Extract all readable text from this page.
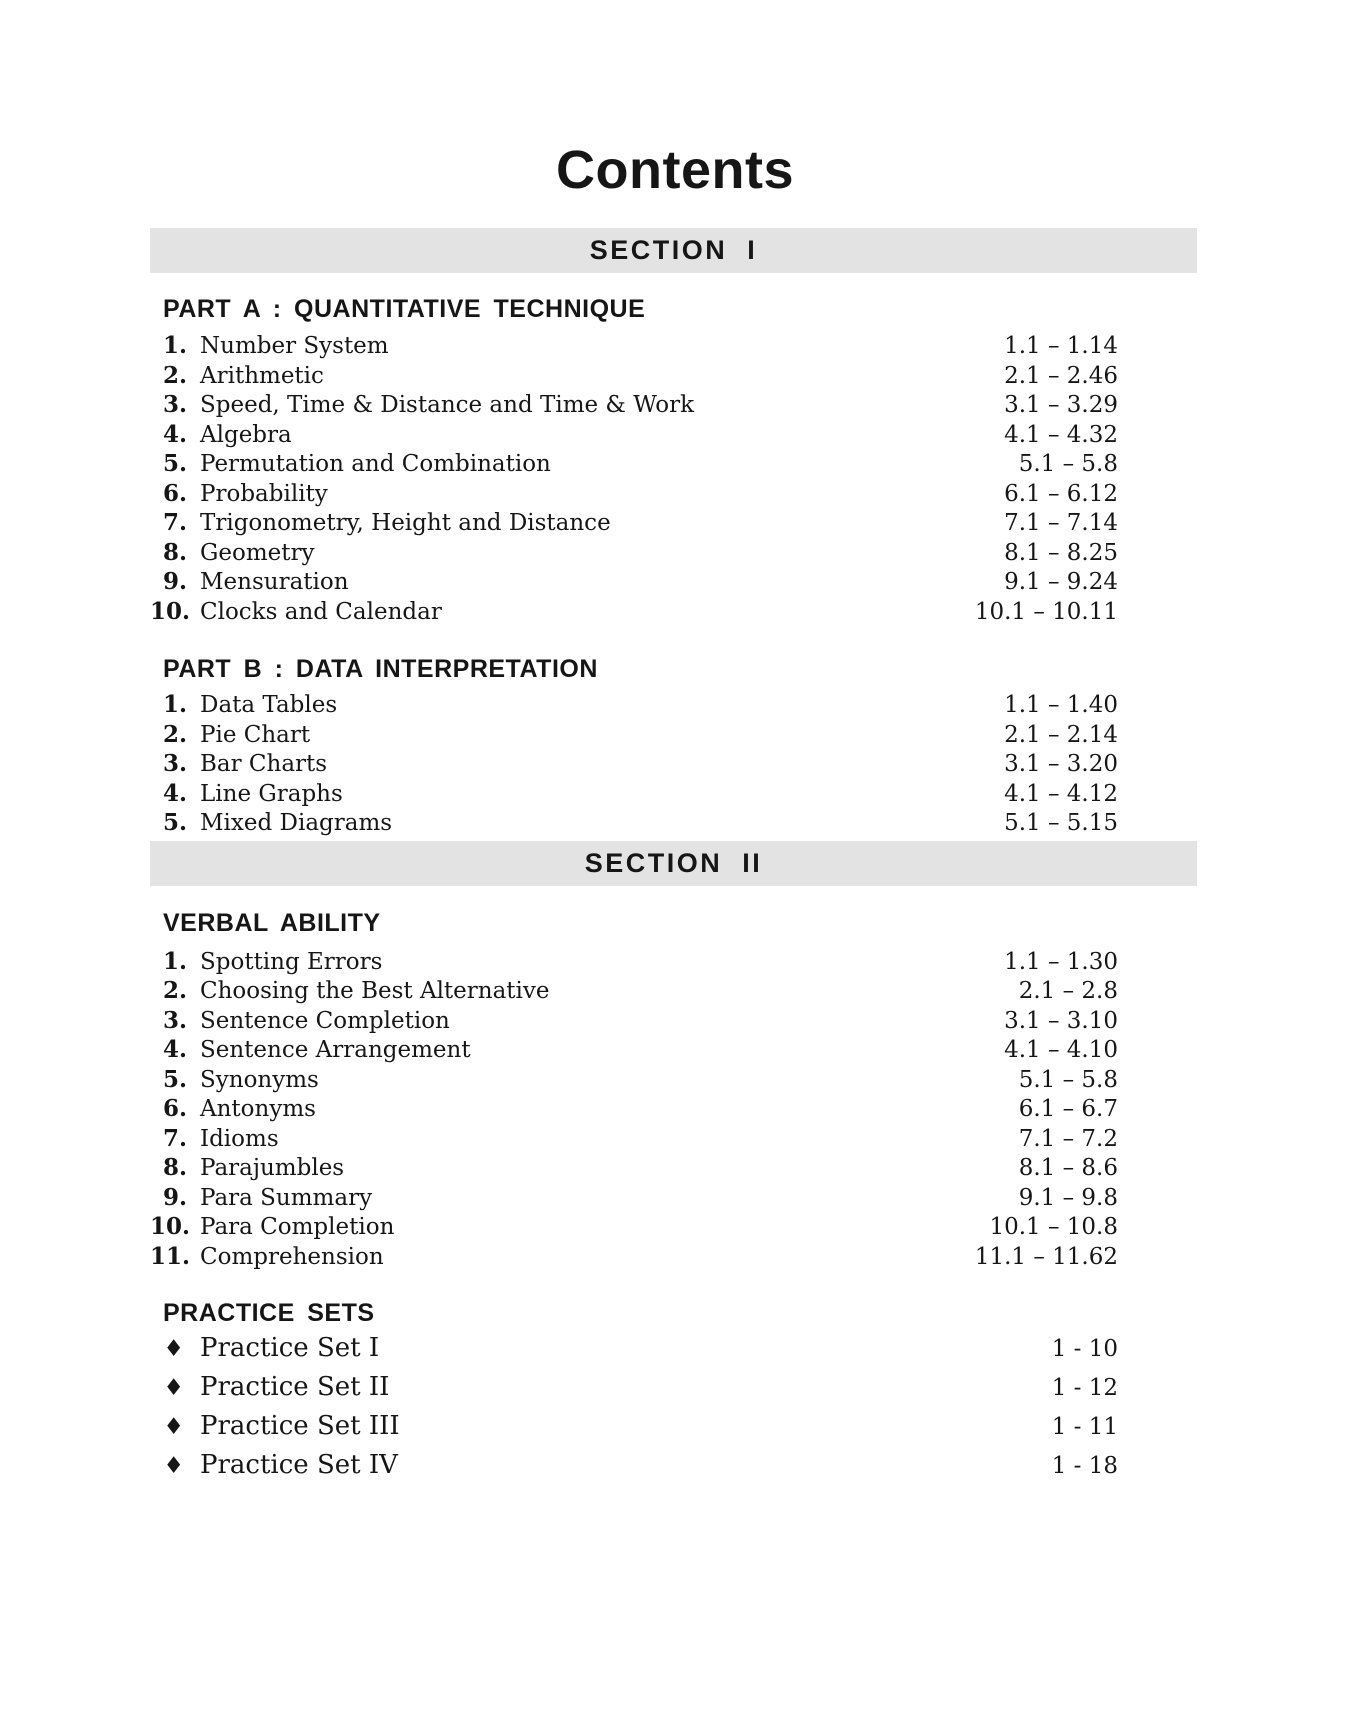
Contents
SECTION I
PART A : QUANTITATIVE TECHNIQUE
1. Number System	1.1 – 1.14
2. Arithmetic	2.1 – 2.46
3. Speed, Time & Distance and Time & Work	3.1 – 3.29
4. Algebra	4.1 – 4.32
5. Permutation and Combination	5.1 – 5.8
6. Probability	6.1 – 6.12
7. Trigonometry, Height and Distance	7.1 – 7.14
8. Geometry	8.1 – 8.25
9. Mensuration	9.1 – 9.24
10. Clocks and Calendar	10.1 – 10.11
PART B : DATA INTERPRETATION
1. Data Tables	1.1 – 1.40
2. Pie Chart	2.1 – 2.14
3. Bar Charts	3.1 – 3.20
4. Line Graphs	4.1 – 4.12
5. Mixed Diagrams	5.1 – 5.15
SECTION II
VERBAL ABILITY
1. Spotting Errors	1.1 – 1.30
2. Choosing the Best Alternative	2.1 – 2.8
3. Sentence Completion	3.1 – 3.10
4. Sentence Arrangement	4.1 – 4.10
5. Synonyms	5.1 – 5.8
6. Antonyms	6.1 – 6.7
7. Idioms	7.1 – 7.2
8. Parajumbles	8.1 – 8.6
9. Para Summary	9.1 – 9.8
10. Para Completion	10.1 – 10.8
11. Comprehension	11.1 – 11.62
PRACTICE SETS
♦ Practice Set I	1 - 10
♦ Practice Set II	1 - 12
♦ Practice Set III	1 - 11
♦ Practice Set IV	1 - 18
